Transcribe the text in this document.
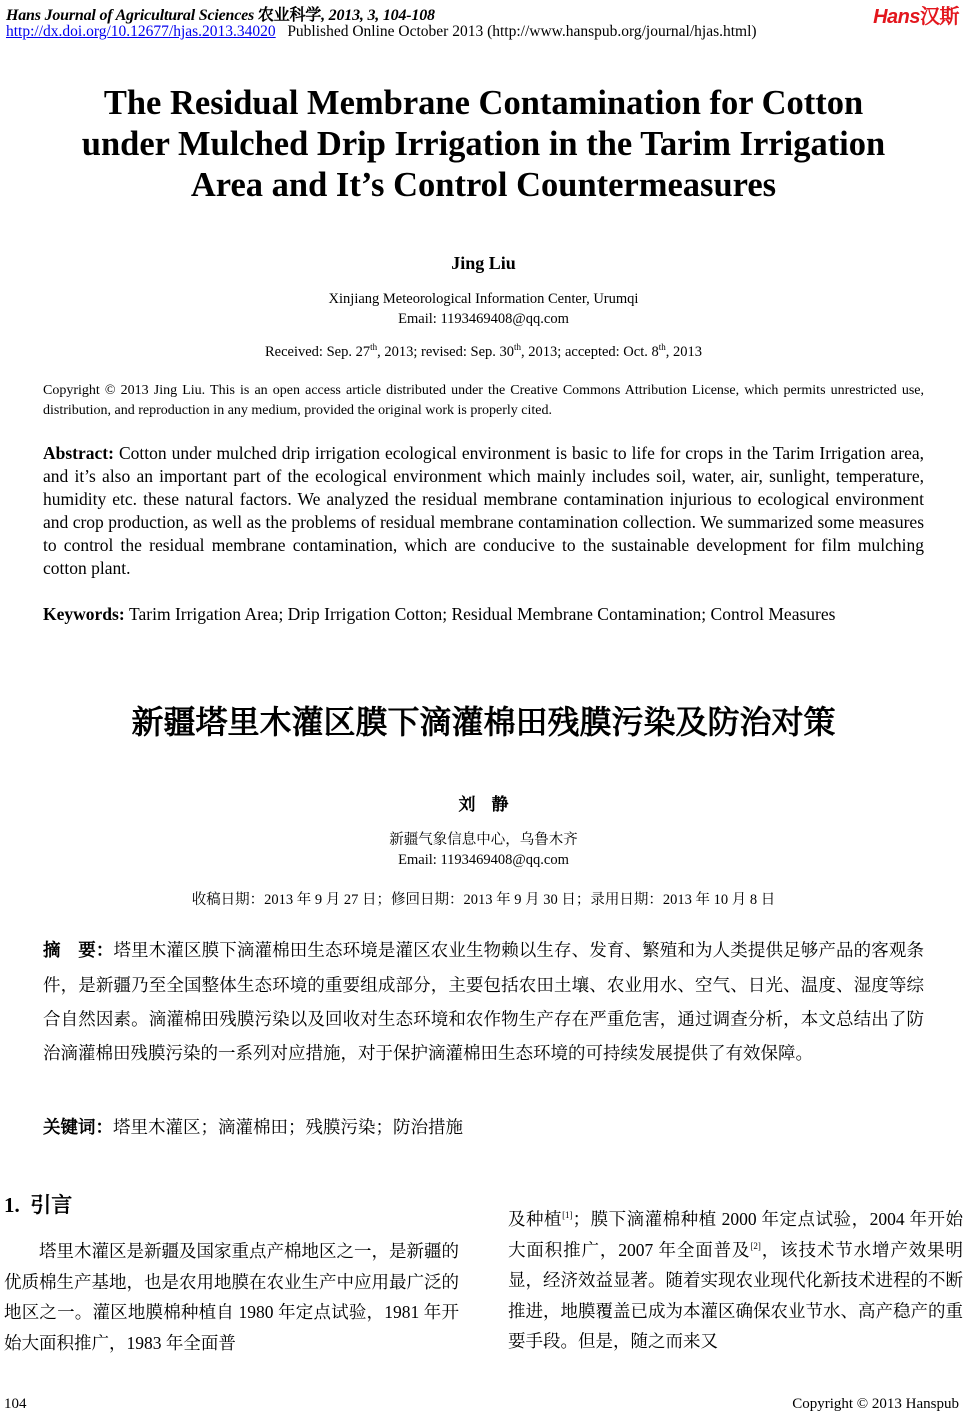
Hans Journal of Agricultural Sciences 农业科学, 2013, 3, 104-108
http://dx.doi.org/10.12677/hjas.2013.34020 Published Online October 2013 (http://www.hanspub.org/journal/hjas.html)
Hans汉斯
The Residual Membrane Contamination for Cotton
under Mulched Drip Irrigation in the Tarim Irrigation
Area and It’s Control Countermeasures
Jing Liu
Xinjiang Meteorological Information Center, Urumqi
Email: 1193469408@qq.com
Received: Sep. 27th, 2013; revised: Sep. 30th, 2013; accepted: Oct. 8th, 2013
Copyright © 2013 Jing Liu. This is an open access article distributed under the Creative Commons Attribution License, which permits unrestricted use, distribution, and reproduction in any medium, provided the original work is properly cited.
Abstract: Cotton under mulched drip irrigation ecological environment is basic to life for crops in the Tarim Irrigation area, and it’s also an important part of the ecological environment which mainly includes soil, water, air, sunlight, temperature, humidity etc. these natural factors. We analyzed the residual membrane contamination injurious to ecological environment and crop production, as well as the problems of residual membrane contamination collection. We summarized some measures to control the residual membrane contamination, which are conducive to the sustainable development for film mulching cotton plant.
Keywords: Tarim Irrigation Area; Drip Irrigation Cotton; Residual Membrane Contamination; Control Measures
新疆塔里木灌区膜下滴灌棉田残膜污染及防治对策
刘静
新疆气象信息中心，乌鲁木齐
Email: 1193469408@qq.com
收稿日期：2013 年 9 月 27 日；修回日期：2013 年 9 月 30 日；录用日期：2013 年 10 月 8 日
摘　要：塔里木灌区膜下滴灌棉田生态环境是灌区农业生物赖以生存、发育、繁殖和为人类提供足够产品的客观条件，是新疆乃至全国整体生态环境的重要组成部分，主要包括农田土壤、农业用水、空气、日光、温度、湿度等综合自然因素。滴灌棉田残膜污染以及回收对生态环境和农作物生产存在严重危害，通过调查分析，本文总结出了防治滴灌棉田残膜污染的一系列对应措施，对于保护滴灌棉田生态环境的可持续发展提供了有效保障。
关键词：塔里木灌区；滴灌棉田；残膜污染；防治措施
1. 引言

塔里木灌区是新疆及国家重点产棉地区之一，是新疆的优质棉生产基地，也是农用地膜在农业生产中应用最广泛的地区之一。灌区地膜棉种植自 1980 年定点试验，1981 年开始大面积推广，1983 年全面普

及种植[1]；膜下滴灌棉种植 2000 年定点试验，2004 年开始大面积推广，2007 年全面普及[2]，该技术节水增产效果明显，经济效益显著。随着实现农业现代化新技术进程的不断推进，地膜覆盖已成为本灌区确保农业节水、高产稳产的重要手段。但是，随之而来又

104	Copyright © 2013 Hanspub
